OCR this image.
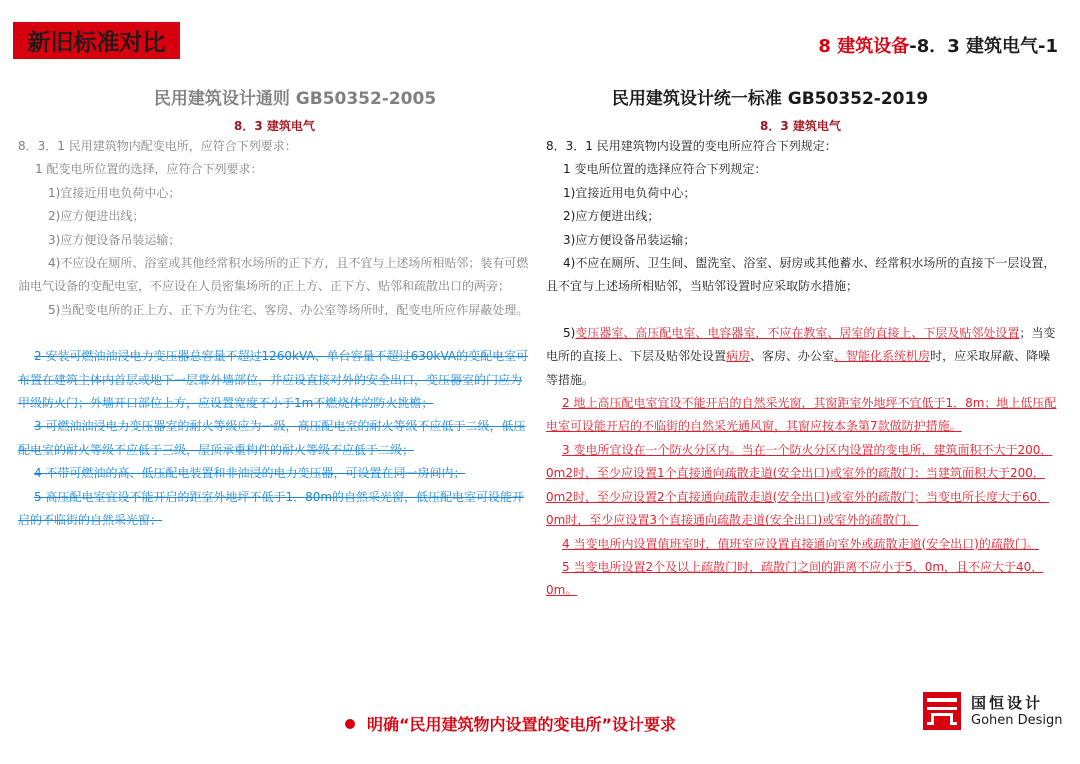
新旧标准对比	8 建筑设备-8．3 建筑电气-1
民用建筑设计通则 GB50352-2005	民用建筑设计统一标准 GB50352-2019
8．3 建筑电气	8．3 建筑电气
8．3．1 民用建筑物内配变电所，应符合下列要求：
1 配变电所位置的选择，应符合下列要求：
1)宜接近用电负荷中心；
2)应方便进出线；
3)应方便设备吊装运输；
4)不应设在厕所、浴室或其他经常积水场所的正下方，且不宜与上述场所相贴邻；装有可燃油电气设备的变配电室，不应设在人员密集场所的正上方、正下方、贴邻和疏散出口的两旁；
5)当配变电所的正上方、正下方为住宅、客房、办公室等场所时，配变电所应作屏蔽处理。
2 安装可燃油油浸电力变压器总容量不超过1260kVA、单台容量不超过630kVA的变配电室可布置在建筑主体内首层或地下一层靠外墙部位，并应设直接对外的安全出口，变压器室的门应为甲级防火门；外墙开口部位上方，应设置宽度不小于1m不燃烧体的防火挑檐；
3 可燃油油浸电力变压器室的耐火等级应为一级，高压配电室的耐火等级不应低于二级，低压配电室的耐火等级不应低于三级，屋顶承重构件的耐火等级不应低于二级；
4 不带可燃油的高、低压配电装置和非油浸的电力变压器，可设置在同一房间内；
5 高压配电室宜设不能开启的距室外地坪不低于1．80m的自然采光窗，低压配电室可设能开启的不临街的自然采光窗；
8．3．1 民用建筑物内设置的变电所应符合下列规定：
1 变电所位置的选择应符合下列规定：
1)宜接近用电负荷中心；
2)应方便进出线；
3)应方便设备吊装运输；
4)不应在厕所、卫生间、盥洗室、浴室、厨房或其他蓄水、经常积水场所的直接下一层设置，且不宜与上述场所相贴邻，当贴邻设置时应采取防水措施；
5)变压器室、高压配电室、电容器室，不应在教室、居室的直接上、下层及贴邻处设置；当变电所的直接上、下层及贴邻处设置病房、客房、办公室、智能化系统机房时，应采取屏蔽、降噪等措施。
2 地上高压配电室宜设不能开启的自然采光窗，其窗距室外地坪不宜低于1．8m；地上低压配电室可设能开启的不临街的自然采光通风窗，其窗应按本条第7款做防护措施。
3 变电所宜设在一个防火分区内。当在一个防火分区内设置的变电所，建筑面积不大于200．0m2时，至少应设置1个直接通向疏散走道(安全出口)或室外的疏散门；当建筑面积大于200．0m2时，至少应设置2个直接通向疏散走道(安全出口)或室外的疏散门；当变电所长度大于60．0m时，至少应设置3个直接通向疏散走道(安全出口)或室外的疏散门。
4 当变电所内设置值班室时，值班室应设置直接通向室外或疏散走道(安全出口)的疏散门。
5 当变电所设置2个及以上疏散门时，疏散门之间的距离不应小于5．0m，且不应大于40．0m。
明确“民用建筑物内设置的变电所”设计要求
国恒设计
Gohen Design
